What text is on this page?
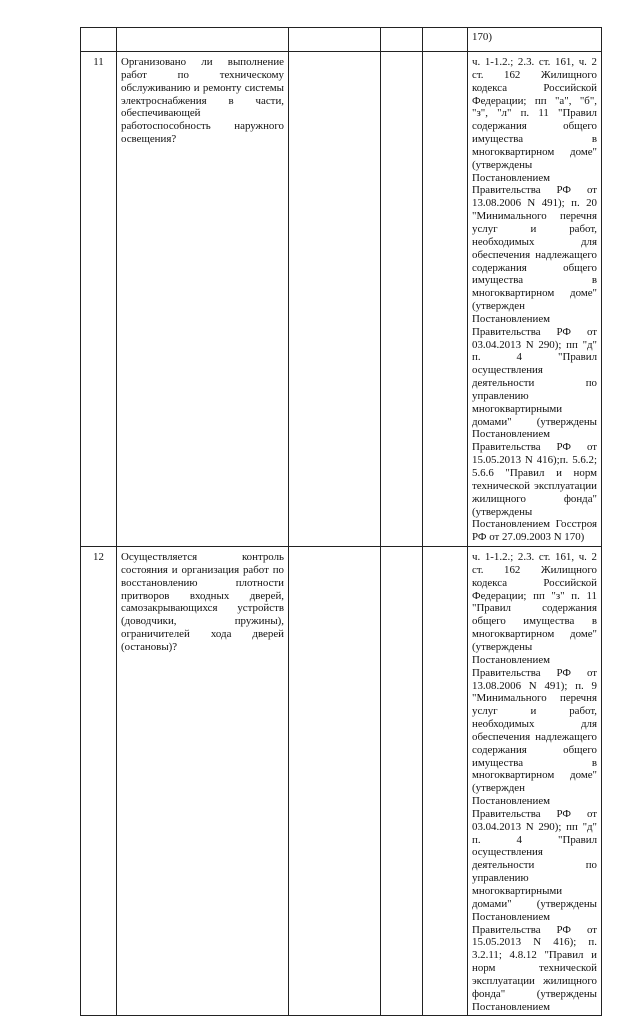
					170)

11	Организовано ли выполнение работ по техническому обслуживанию и ремонту системы электроснабжения в части, обеспечивающей работоспособность наружного освещения?				ч. 1-1.2.; 2.3. ст. 161, ч. 2 ст. 162 Жилищного кодекса Российской Федерации; пп "а", "б", "з", "л" п. 11 "Правил содержания общего имущества в многоквартирном доме" (утверждены Постановлением Правительства РФ от 13.08.2006 N 491); п. 20 "Минимального перечня услуг и работ, необходимых для обеспечения надлежащего содержания общего имущества в многоквартирном доме" (утвержден Постановлением Правительства РФ от 03.04.2013 N 290); пп "д" п. 4 "Правил осуществления деятельности по управлению многоквартирными домами" (утверждены Постановлением Правительства РФ от 15.05.2013 N 416);п. 5.6.2; 5.6.6 "Правил и норм технической эксплуатации жилищного фонда" (утверждены Постановлением Госстроя РФ от 27.09.2003 N 170)

12	Осуществляется контроль состояния и организация работ по восстановлению плотности притворов входных дверей, самозакрывающихся устройств (доводчики, пружины), ограничителей хода дверей (остановы)?				ч. 1-1.2.; 2.3. ст. 161, ч. 2 ст. 162 Жилищного кодекса Российской Федерации; пп "з" п. 11 "Правил содержания общего имущества в многоквартирном доме" (утверждены Постановлением Правительства РФ от 13.08.2006 N 491); п. 9 "Минимального перечня услуг и работ, необходимых для обеспечения надлежащего содержания общего имущества в многоквартирном доме" (утвержден Постановлением Правительства РФ от 03.04.2013 N 290); пп "д" п. 4 "Правил осуществления деятельности по управлению многоквартирными домами" (утверждены Постановлением Правительства РФ от 15.05.2013 N 416); п. 3.2.11; 4.8.12 "Правил и норм технической эксплуатации жилищного фонда" (утверждены Постановлением
